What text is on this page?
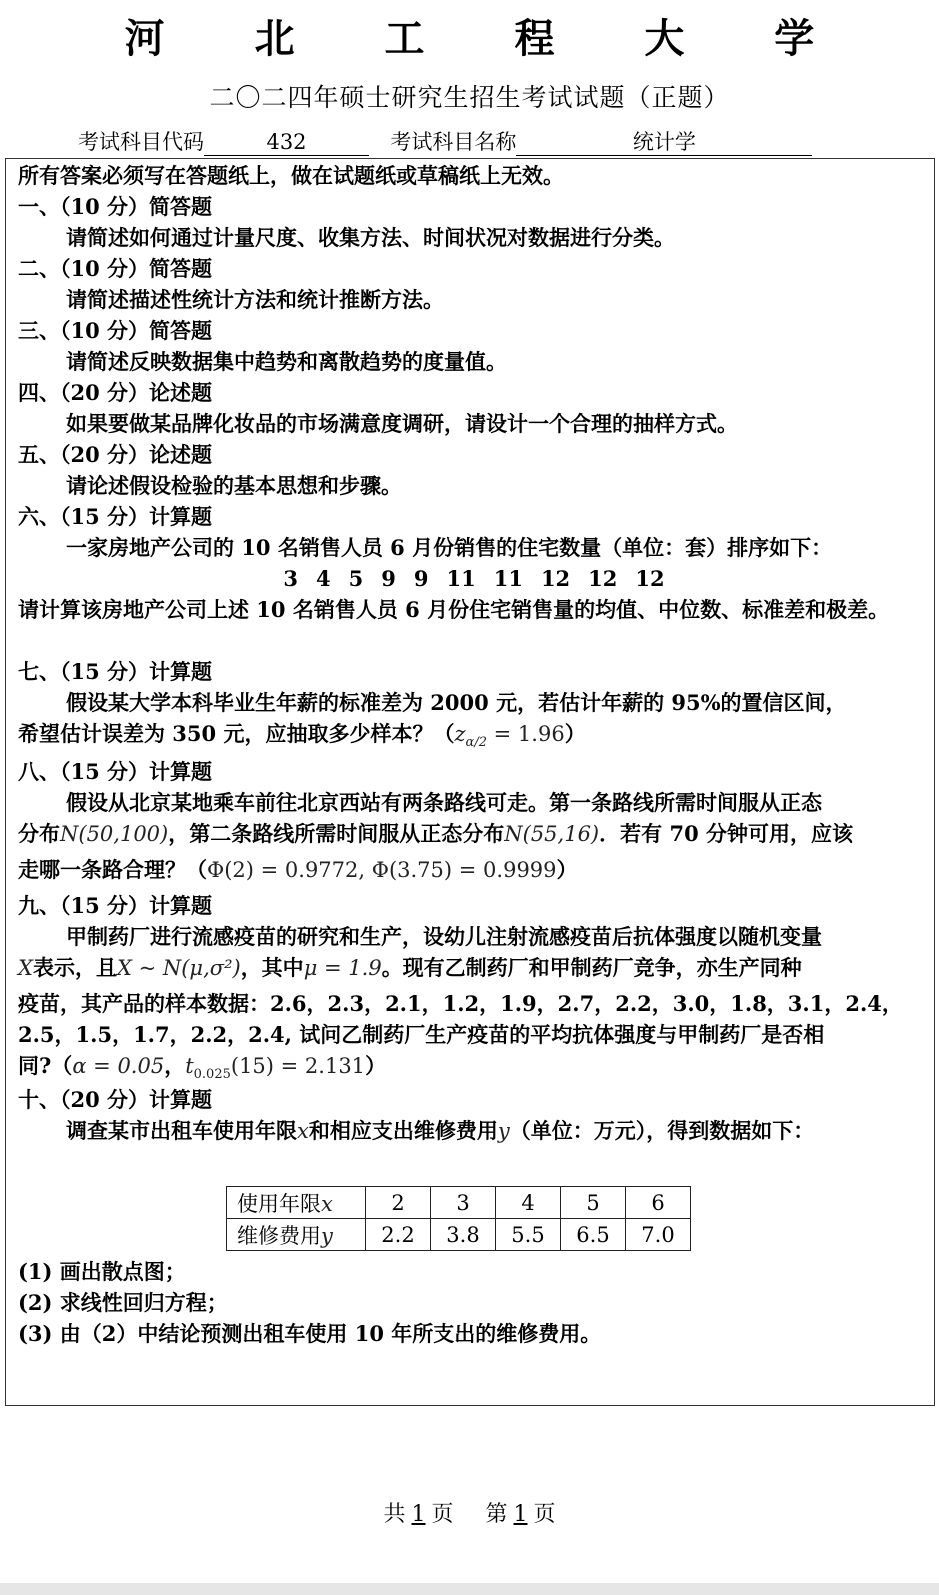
河 北 工 程 大 学
二〇二四年硕士研究生招生考试试题（正题）
考试科目代码	432	考试科目名称	统计学
所有答案必须写在答题纸上，做在试题纸或草稿纸上无效。
一、（10 分）简答题
请简述如何通过计量尺度、收集方法、时间状况对数据进行分类。
二、（10 分）简答题
请简述描述性统计方法和统计推断方法。
三、（10 分）简答题
请简述反映数据集中趋势和离散趋势的度量值。
四、（20 分）论述题
如果要做某品牌化妆品的市场满意度调研，请设计一个合理的抽样方式。
五、（20 分）论述题
请论述假设检验的基本思想和步骤。
六、（15 分）计算题
一家房地产公司的 10 名销售人员 6 月份销售的住宅数量（单位：套）排序如下：
3 4 5 9 9 11 11 12 12 12
请计算该房地产公司上述 10 名销售人员 6 月份住宅销售量的均值、中位数、标准差和极差。
七、（15 分）计算题
假设某大学本科毕业生年薪的标准差为 2000 元，若估计年薪的 95%的置信区间，
希望估计误差为 350 元，应抽取多少样本？$(z_{\alpha/2} = 1.96)$
八、（15 分）计算题
假设从北京某地乘车前往北京西站有两条路线可走。第一条路线所需时间服从正态
分布N(50,100)，第二条路线所需时间服从正态分布N(55,16)．若有 70 分钟可用，应该
走哪一条路合理？（Φ(2) = 0.9772, Φ(3.75) = 0.9999）
九、（15 分）计算题
甲制药厂进行流感疫苗的研究和生产，设幼儿注射流感疫苗后抗体强度以随机变量
X表示，且X ~ N(μ,σ²)，其中μ = 1.9。现有乙制药厂和甲制药厂竞争，亦生产同种
疫苗，其产品的样本数据：2.6，2.3，2.1，1.2，1.9，2.7，2.2，3.0，1.8，3.1，2.4，
2.5，1.5，1.7，2.2，2.4, 试问乙制药厂生产疫苗的平均抗体强度与甲制药厂是否相
同?（α = 0.05，$t_{0.025}(15) = 2.131$）
十、（20 分）计算题
调查某市出租车使用年限x和相应支出维修费用y（单位：万元），得到数据如下：
使用年限x	2	3	4	5	6
维修费用y	2.2	3.8	5.5	6.5	7.0
(1) 画出散点图；
(2) 求线性回归方程；
(3) 由（2）中结论预测出租车使用 10 年所支出的维修费用。
共 1 页 第 1 页
